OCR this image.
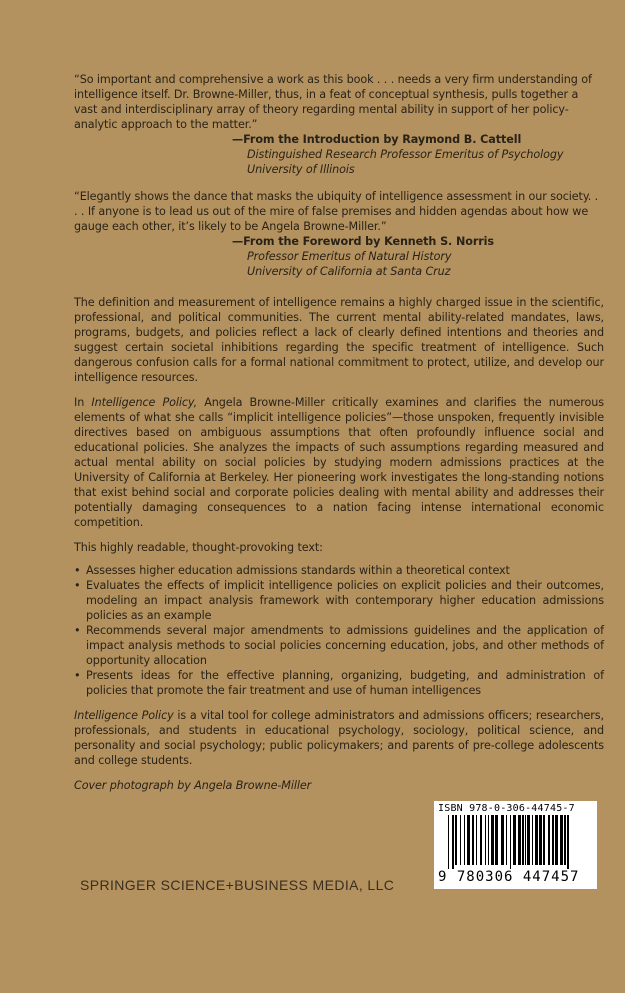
“So important and comprehensive a work as this book . . . needs a very firm understanding of intelligence itself. Dr. Browne-Miller, thus, in a feat of conceptual synthesis, pulls together a vast and interdisciplinary array of theory regarding mental ability in support of her policy-analytic approach to the matter.”

—From the Introduction by Raymond B. Cattell
Distinguished Research Professor Emeritus of Psychology
University of Illinois

“Elegantly shows the dance that masks the ubiquity of intelligence assessment in our society. . . . If anyone is to lead us out of the mire of false premises and hidden agendas about how we gauge each other, it’s likely to be Angela Browne-Miller.”

—From the Foreword by Kenneth S. Norris
Professor Emeritus of Natural History
University of California at Santa Cruz

The definition and measurement of intelligence remains a highly charged issue in the scientific, professional, and political communities. The current mental ability-related mandates, laws, programs, budgets, and policies reflect a lack of clearly defined intentions and theories and suggest certain societal inhibitions regarding the specific treatment of intelligence. Such dangerous confusion calls for a formal national commitment to protect, utilize, and develop our intelligence resources.

In Intelligence Policy, Angela Browne-Miller critically examines and clarifies the numerous elements of what she calls “implicit intelligence policies”—those unspoken, frequently invisible directives based on ambiguous assumptions that often profoundly influence social and educational policies. She analyzes the impacts of such assumptions regarding measured and actual mental ability on social policies by studying modern admissions practices at the University of California at Berkeley. Her pioneering work investigates the long-standing notions that exist behind social and corporate policies dealing with mental ability and addresses their potentially damaging consequences to a nation facing intense international economic competition.

This highly readable, thought-provoking text:

• Assesses higher education admissions standards within a theoretical context
• Evaluates the effects of implicit intelligence policies on explicit policies and their outcomes, modeling an impact analysis framework with contemporary higher education admissions policies as an example
• Recommends several major amendments to admissions guidelines and the application of impact analysis methods to social policies concerning education, jobs, and other methods of opportunity allocation
• Presents ideas for the effective planning, organizing, budgeting, and administration of policies that promote the fair treatment and use of human intelligences

Intelligence Policy is a vital tool for college administrators and admissions officers; researchers, professionals, and students in educational psychology, sociology, political science, and personality and social psychology; public policymakers; and parents of pre-college adolescents and college students.

Cover photograph by Angela Browne-Miller

ISBN 978-0-306-44745-7
9 780306 447457
SPRINGER SCIENCE+BUSINESS MEDIA, LLC
